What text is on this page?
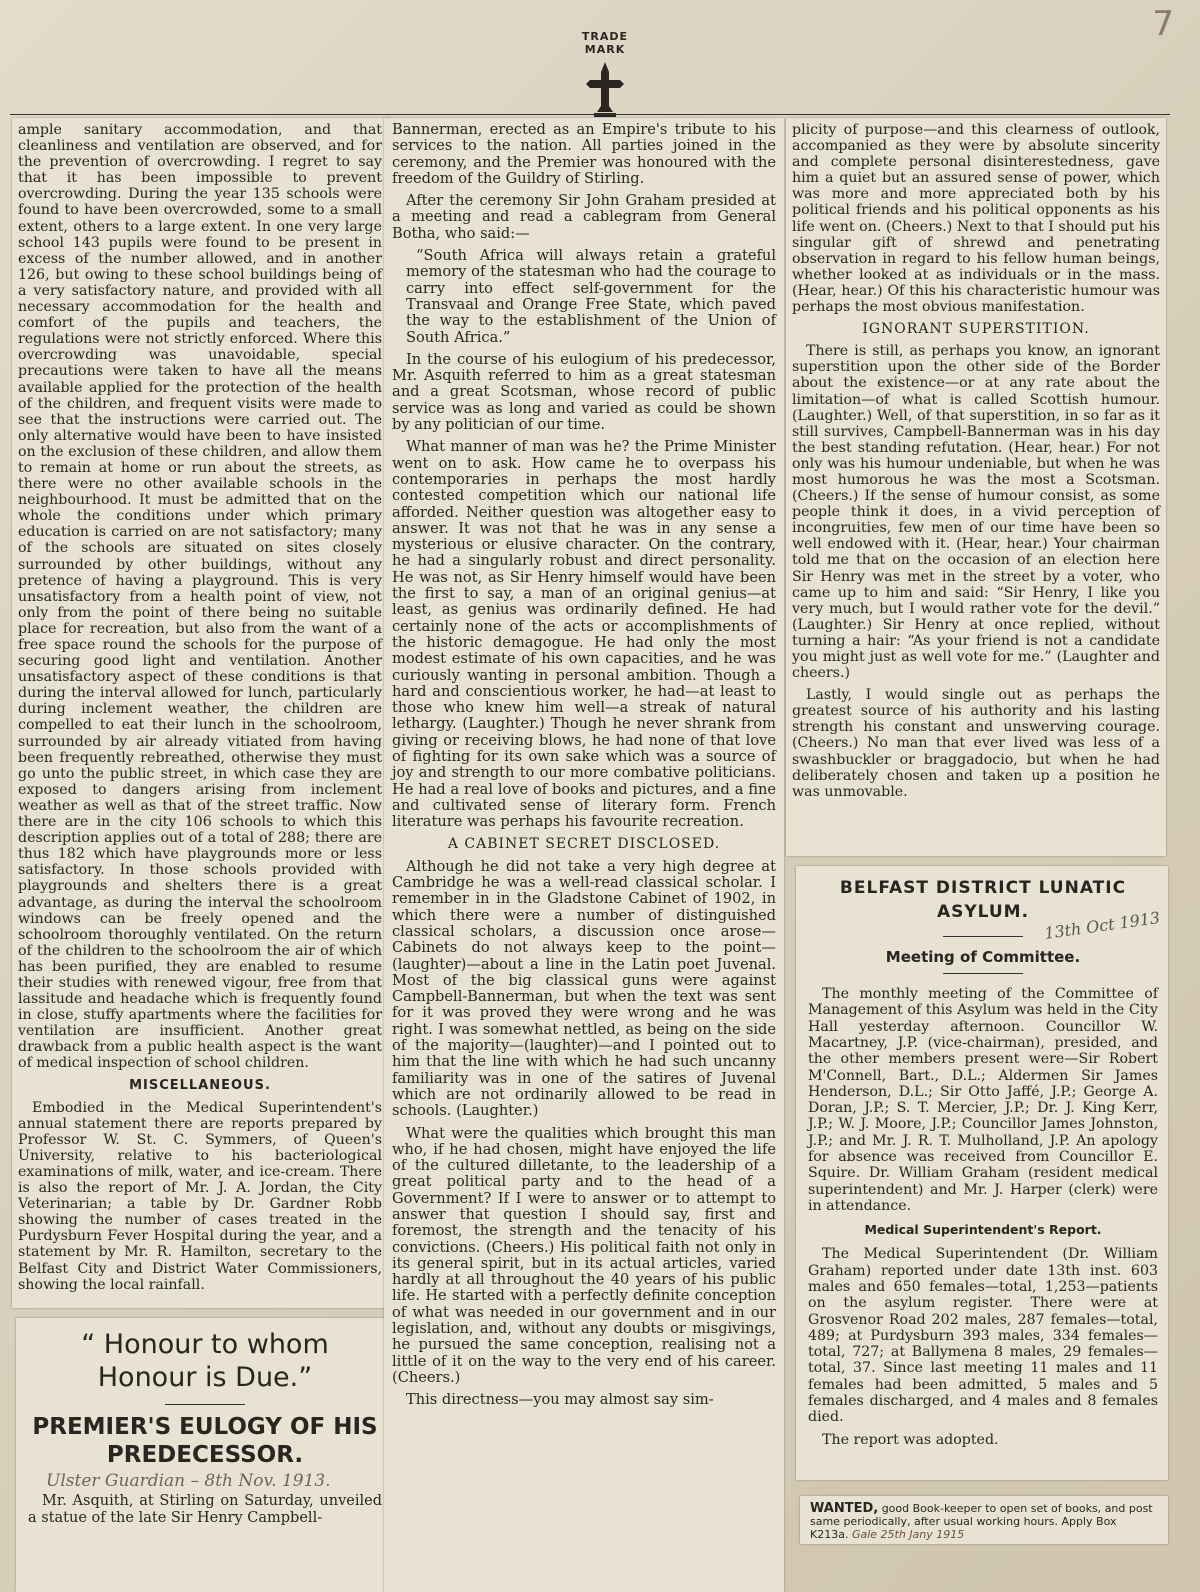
7
TRADE MARK

ample sanitary accommodation, and that cleanliness and ventilation are observed, and for the prevention of overcrowding. I regret to say that it has been impossible to prevent overcrowding. During the year 135 schools were found to have been overcrowded, some to a small extent, others to a large extent. In one very large school 143 pupils were found to be present in excess of the number allowed, and in another 126, but owing to these school buildings being of a very satisfactory nature, and provided with all necessary accommodation for the health and comfort of the pupils and teachers, the regulations were not strictly enforced. Where this overcrowding was unavoidable, special precautions were taken to have all the means available applied for the protection of the health of the children, and frequent visits were made to see that the instructions were carried out. The only alternative would have been to have insisted on the exclusion of these children, and allow them to remain at home or run about the streets, as there were no other available schools in the neighbourhood. It must be admitted that on the whole the conditions under which primary education is carried on are not satisfactory; many of the schools are situated on sites closely surrounded by other buildings, without any pretence of having a playground. This is very unsatisfactory from a health point of view, not only from the point of there being no suitable place for recreation, but also from the want of a free space round the schools for the purpose of securing good light and ventilation. Another unsatisfactory aspect of these conditions is that during the interval allowed for lunch, particularly during inclement weather, the children are compelled to eat their lunch in the schoolroom, surrounded by air already vitiated from having been frequently rebreathed, otherwise they must go unto the public street, in which case they are exposed to dangers arising from inclement weather as well as that of the street traffic. Now there are in the city 106 schools to which this description applies out of a total of 288; there are thus 182 which have playgrounds more or less satisfactory. In those schools provided with playgrounds and shelters there is a great advantage, as during the interval the schoolroom windows can be freely opened and the schoolroom thoroughly ventilated. On the return of the children to the schoolroom the air of which has been purified, they are enabled to resume their studies with renewed vigour, free from that lassitude and headache which is frequently found in close, stuffy apartments where the facilities for ventilation are insufficient. Another great drawback from a public health aspect is the want of medical inspection of school children.

MISCELLANEOUS.

Embodied in the Medical Superintendent's annual statement there are reports prepared by Professor W. St. C. Symmers, of Queen's University, relative to his bacteriological examinations of milk, water, and ice-cream. There is also the report of Mr. J. A. Jordan, the City Veterinarian; a table by Dr. Gardner Robb showing the number of cases treated in the Purdysburn Fever Hospital during the year, and a statement by Mr. R. Hamilton, secretary to the Belfast City and District Water Commissioners, showing the local rainfall.

“ Honour to whom Honour is Due.”
PREMIER'S EULOGY OF HIS PREDECESSOR.
Ulster Guardian – 8th Nov. 1913.

Mr. Asquith, at Stirling on Saturday, unveiled a statue of the late Sir Henry Campbell-

Bannerman, erected as an Empire's tribute to his services to the nation. All parties joined in the ceremony, and the Premier was honoured with the freedom of the Guildry of Stirling.

After the ceremony Sir John Graham presided at a meeting and read a cablegram from General Botha, who said:—

“South Africa will always retain a grateful memory of the statesman who had the courage to carry into effect self-government for the Transvaal and Orange Free State, which paved the way to the establishment of the Union of South Africa.”

In the course of his eulogium of his predecessor, Mr. Asquith referred to him as a great statesman and a great Scotsman, whose record of public service was as long and varied as could be shown by any politician of our time.

What manner of man was he? the Prime Minister went on to ask. How came he to overpass his contemporaries in perhaps the most hardly contested competition which our national life afforded. Neither question was altogether easy to answer. It was not that he was in any sense a mysterious or elusive character. On the contrary, he had a singularly robust and direct personality. He was not, as Sir Henry himself would have been the first to say, a man of an original genius—at least, as genius was ordinarily defined. He had certainly none of the acts or accomplishments of the historic demagogue. He had only the most modest estimate of his own capacities, and he was curiously wanting in personal ambition. Though a hard and conscientious worker, he had—at least to those who knew him well—a streak of natural lethargy. (Laughter.) Though he never shrank from giving or receiving blows, he had none of that love of fighting for its own sake which was a source of joy and strength to our more combative politicians. He had a real love of books and pictures, and a fine and cultivated sense of literary form. French literature was perhaps his favourite recreation.

A CABINET SECRET DISCLOSED.

Although he did not take a very high degree at Cambridge he was a well-read classical scholar. I remember in in the Gladstone Cabinet of 1902, in which there were a number of distinguished classical scholars, a discussion once arose—Cabinets do not always keep to the point—(laughter)—about a line in the Latin poet Juvenal. Most of the big classical guns were against Campbell-Bannerman, but when the text was sent for it was proved they were wrong and he was right. I was somewhat nettled, as being on the side of the majority—(laughter)—and I pointed out to him that the line with which he had such uncanny familiarity was in one of the satires of Juvenal which are not ordinarily allowed to be read in schools. (Laughter.)

What were the qualities which brought this man who, if he had chosen, might have enjoyed the life of the cultured dilletante, to the leadership of a great political party and to the head of a Government? If I were to answer or to attempt to answer that question I should say, first and foremost, the strength and the tenacity of his convictions. (Cheers.) His political faith not only in its general spirit, but in its actual articles, varied hardly at all throughout the 40 years of his public life. He started with a perfectly definite conception of what was needed in our government and in our legislation, and, without any doubts or misgivings, he pursued the same conception, realising not a little of it on the way to the very end of his career. (Cheers.)

This directness—you may almost say sim-

plicity of purpose—and this clearness of outlook, accompanied as they were by absolute sincerity and complete personal disinterestedness, gave him a quiet but an assured sense of power, which was more and more appreciated both by his political friends and his political opponents as his life went on. (Cheers.) Next to that I should put his singular gift of shrewd and penetrating observation in regard to his fellow human beings, whether looked at as individuals or in the mass. (Hear, hear.) Of this his characteristic humour was perhaps the most obvious manifestation.

IGNORANT SUPERSTITION.

There is still, as perhaps you know, an ignorant superstition upon the other side of the Border about the existence—or at any rate about the limitation—of what is called Scottish humour. (Laughter.) Well, of that superstition, in so far as it still survives, Campbell-Bannerman was in his day the best standing refutation. (Hear, hear.) For not only was his humour undeniable, but when he was most humorous he was the most a Scotsman. (Cheers.) If the sense of humour consist, as some people think it does, in a vivid perception of incongruities, few men of our time have been so well endowed with it. (Hear, hear.) Your chairman told me that on the occasion of an election here Sir Henry was met in the street by a voter, who came up to him and said: “Sir Henry, I like you very much, but I would rather vote for the devil.” (Laughter.) Sir Henry at once replied, without turning a hair: “As your friend is not a candidate you might just as well vote for me.” (Laughter and cheers.)

Lastly, I would single out as perhaps the greatest source of his authority and his lasting strength his constant and unswerving courage. (Cheers.) No man that ever lived was less of a swashbuckler or braggadocio, but when he had deliberately chosen and taken up a position he was unmovable.

BELFAST DISTRICT LUNATIC ASYLUM. 13th Oct 1913
Meeting of Committee.

The monthly meeting of the Committee of Management of this Asylum was held in the City Hall yesterday afternoon. Councillor W. Macartney, J.P. (vice-chairman), presided, and the other members present were—Sir Robert M'Connell, Bart., D.L.; Aldermen Sir James Henderson, D.L.; Sir Otto Jaffé, J.P.; George A. Doran, J.P.; S. T. Mercier, J.P.; Dr. J. King Kerr, J.P.; W. J. Moore, J.P.; Councillor James Johnston, J.P.; and Mr. J. R. T. Mulholland, J.P. An apology for absence was received from Councillor E. Squire. Dr. William Graham (resident medical superintendent) and Mr. J. Harper (clerk) were in attendance.

Medical Superintendent's Report.

The Medical Superintendent (Dr. William Graham) reported under date 13th inst. 603 males and 650 females—total, 1,253—patients on the asylum register. There were at Grosvenor Road 202 males, 287 females—total, 489; at Purdysburn 393 males, 334 females—total, 727; at Ballymena 8 males, 29 females—total, 37. Since last meeting 11 males and 11 females had been admitted, 5 males and 5 females discharged, and 4 males and 8 females died.

The report was adopted.

WANTED, good Book-keeper to open set of books, and post same periodically, after usual working hours. Apply Box K213a. Gale 25th Jany 1915
